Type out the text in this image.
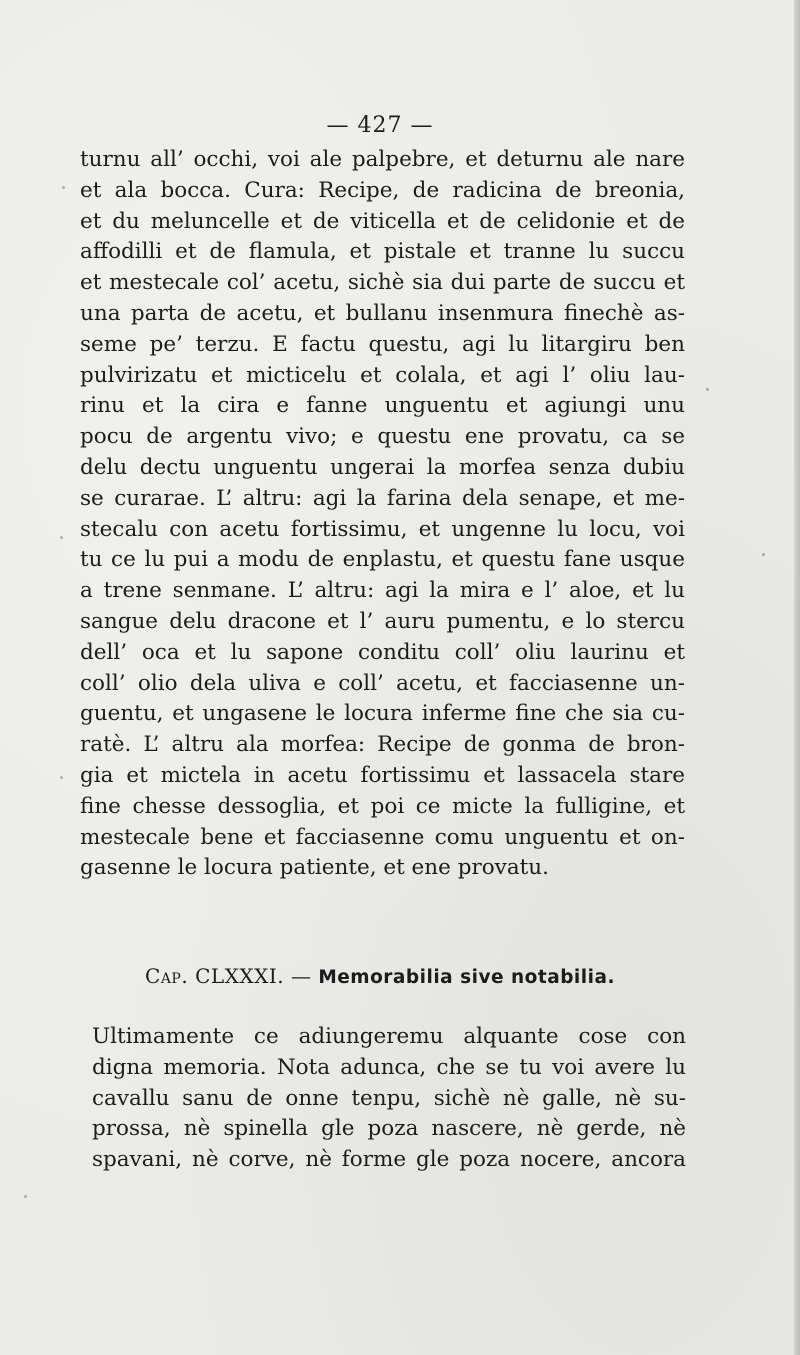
— 427 —
turnu all’ occhi, voi ale palpebre, et deturnu ale nare
et ala bocca. Cura: Recipe, de radicina de breonia,
et du meluncelle et de viticella et de celidonie et de
affodilli et de flamula, et pistale et tranne lu succu
et mestecale col’ acetu, sichè sia dui parte de succu et
una parta de acetu, et bullanu insenmura finechè as-
seme pe’ terzu. E factu questu, agi lu litargiru ben
pulvirizatu et micticelu et colala, et agi l’ oliu lau-
rinu et la cira e fanne unguentu et agiungi unu
pocu de argentu vivo; e questu ene provatu, ca se
delu dectu unguentu ungerai la morfea senza dubiu
se curarae. L’ altru: agi la farina dela senape, et me-
stecalu con acetu fortissimu, et ungenne lu locu, voi
tu ce lu pui a modu de enplastu, et questu fane usque
a trene senmane. L’ altru: agi la mira e l’ aloe, et lu
sangue delu dracone et l’ auru pumentu, e lo stercu
dell’ oca et lu sapone conditu coll’ oliu laurinu et
coll’ olio dela uliva e coll’ acetu, et facciasenne un-
guentu, et ungasene le locura inferme fine che sia cu-
ratè. L’ altru ala morfea: Recipe de gonma de bron-
gia et mictela in acetu fortissimu et lassacela stare
fine chesse dessoglia, et poi ce micte la fulligine, et
mestecale bene et facciasenne comu unguentu et on-
gasenne le locura patiente, et ene provatu.
Cap. CLXXXI. — Memorabilia sive notabilia.
Ultimamente ce adiungeremu alquante cose con
digna memoria. Nota adunca, che se tu voi avere lu
cavallu sanu de onne tenpu, sichè nè galle, nè su-
prossa, nè spinella gle poza nascere, nè gerde, nè
spavani, nè corve, nè forme gle poza nocere, ancora
